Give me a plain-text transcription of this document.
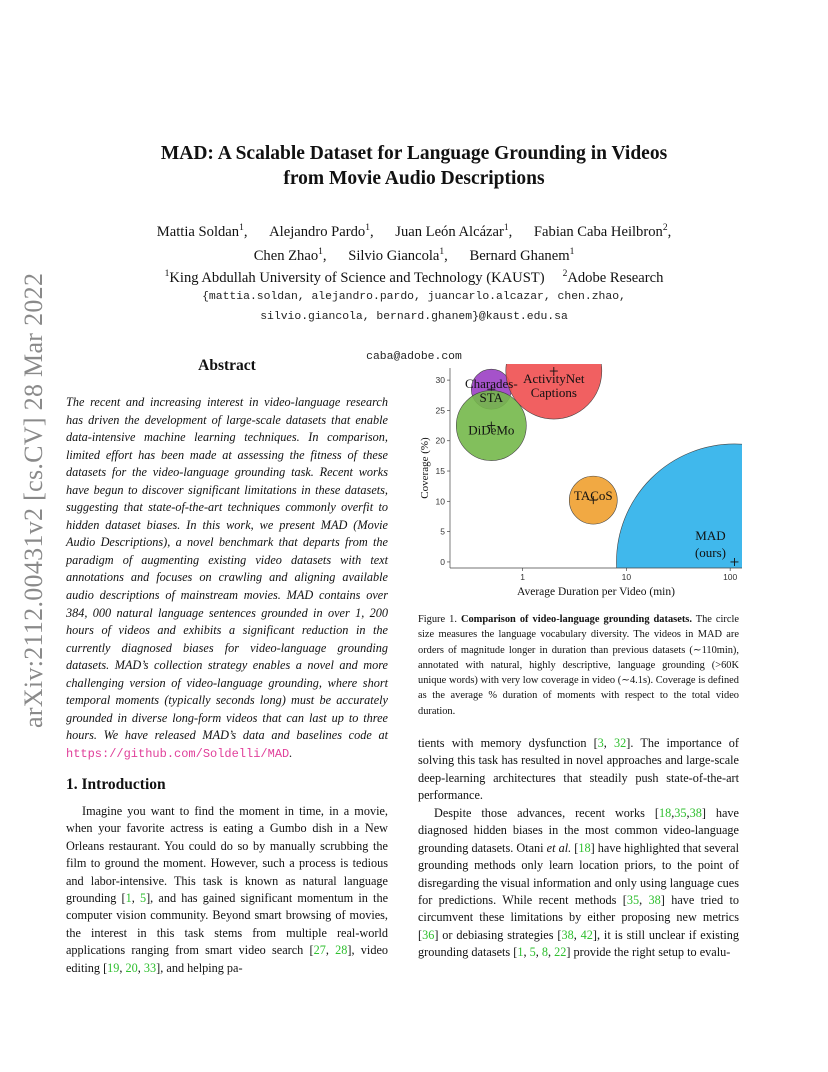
arXiv:2112.00431v2 [cs.CV] 28 Mar 2022
MAD: A Scalable Dataset for Language Grounding in Videos
from Movie Audio Descriptions
Mattia Soldan$^1$, Alejandro Pardo$^1$, Juan León Alcázar$^1$, Fabian Caba Heilbron$^2$,
Chen Zhao$^1$, Silvio Giancola$^1$, Bernard Ghanem$^1$
$^1$King Abdullah University of Science and Technology (KAUST) $^2$Adobe Research
{mattia.soldan, alejandro.pardo, juancarlo.alcazar, chen.zhao,
silvio.giancola, bernard.ghanem}@kaust.edu.sa
caba@adobe.com
Abstract
The recent and increasing interest in video-language research has driven the development of large-scale datasets that enable data-intensive machine learning techniques. In comparison, limited effort has been made at assessing the fitness of these datasets for the video-language grounding task. Recent works have begun to discover significant limitations in these datasets, suggesting that state-of-the-art techniques commonly overfit to hidden dataset biases. In this work, we present MAD (Movie Audio Descriptions), a novel benchmark that departs from the paradigm of augmenting existing video datasets with text annotations and focuses on crawling and aligning available audio descriptions of mainstream movies. MAD contains over 384, 000 natural language sentences grounded in over 1, 200 hours of videos and exhibits a significant reduction in the currently diagnosed biases for video-language grounding datasets. MAD’s collection strategy enables a novel and more challenging version of video-language grounding, where short temporal moments (typically seconds long) must be accurately grounded in diverse long-form videos that can last up to three hours. We have released MAD’s data and baselines code at https://github.com/Soldelli/MAD.
1. Introduction

Imagine you want to find the moment in time, in a movie, when your favorite actress is eating a Gumbo dish in a New Orleans restaurant. You could do so by manually scrubbing the film to ground the moment. However, such a process is tedious and labor-intensive. This task is known as natural language grounding [1, 5], and has gained significant momentum in the computer vision community. Beyond smart browsing of movies, the interest in this task stems from multiple real-world applications ranging from smart video search [27, 28], video editing [19, 20, 33], and helping pa-

0
5
10
15
20
25
30
1	10	100
Average Duration per Video (min)
Coverage (%)
Charades-
STA
DiDeMo
ActivityNet
Captions
TACoS
MAD
(ours)
Figure 1. Comparison of video-language grounding datasets. The circle size measures the language vocabulary diversity. The videos in MAD are orders of magnitude longer in duration than previous datasets (∼110min), annotated with natural, highly descriptive, language grounding (>60K unique words) with very low coverage in video (∼4.1s). Coverage is defined as the average % duration of moments with respect to the total video duration.

tients with memory dysfunction [3, 32]. The importance of solving this task has resulted in novel approaches and large-scale deep-learning architectures that steadily push state-of-the-art performance.

Despite those advances, recent works [18,35,38] have diagnosed hidden biases in the most common video-language grounding datasets. Otani et al. [18] have highlighted that several grounding methods only learn location priors, to the point of disregarding the visual information and only using language cues for predictions. While recent methods [35, 38] have tried to circumvent these limitations by either proposing new metrics [36] or debiasing strategies [38, 42], it is still unclear if existing grounding datasets [1, 5, 8, 22] provide the right setup to evalu-
